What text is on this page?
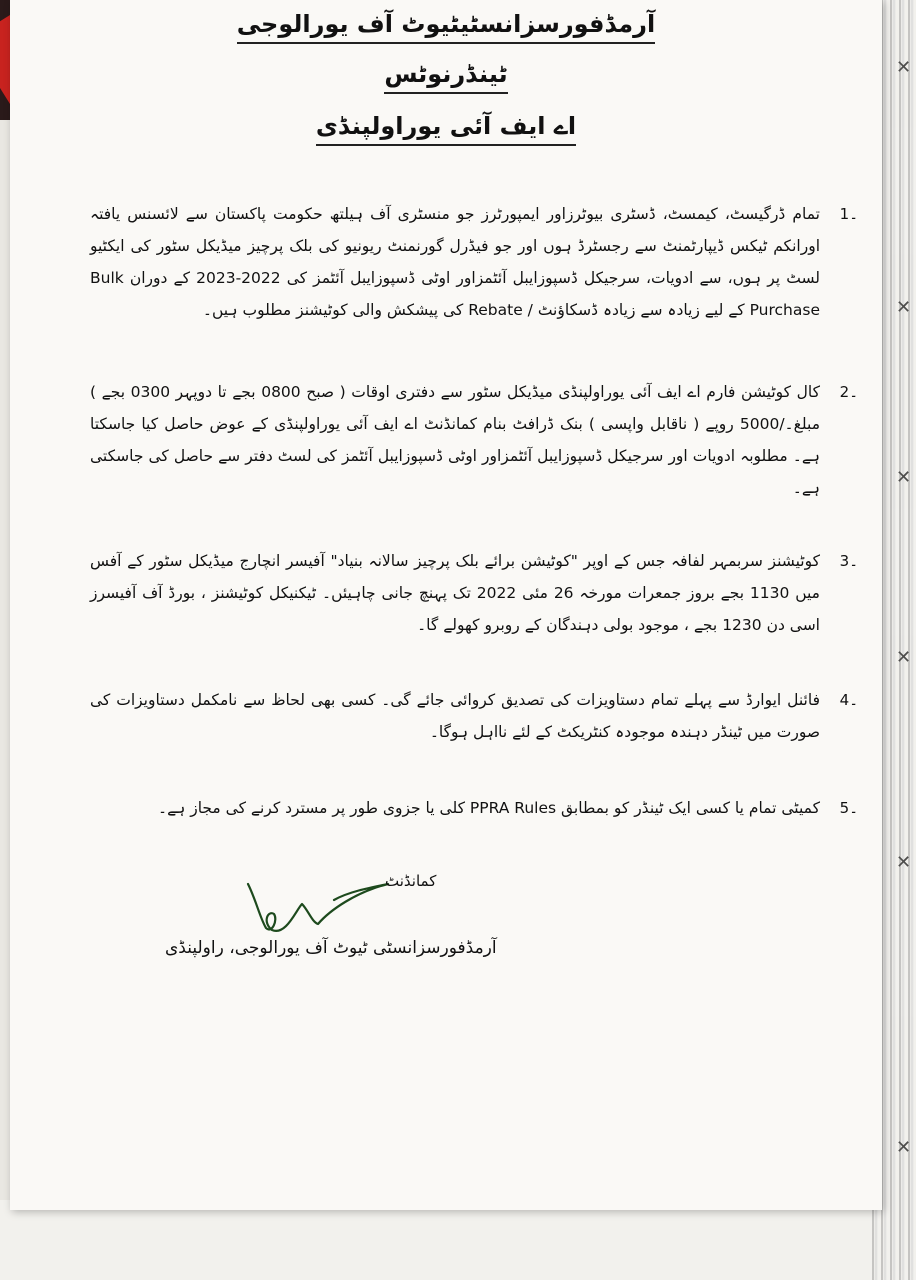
✕
✕
✕
✕
✕
✕
آرمڈفورسزانسٹیٹیوٹ آف یورالوجی
ٹینڈرنوٹس
اے ایف آئی یوراولپنڈی
1۔
تمام ڈرگیسٹ، کیمسٹ، ڈسٹری بیوٹرزاور ایمپورٹرز جو منسٹری آف ہیلتھ حکومت پاکستان سے لائسنس یافتہ اورانکم ٹیکس ڈیپارٹمنٹ سے رجسٹرڈ ہوں اور جو فیڈرل گورنمنٹ ریونیو کی بلک پرچیز میڈیکل سٹور کی ایکٹیو لسٹ پر ہوں، سے ادویات، سرجیکل ڈسپوزایبل آئٹمزاور اوٹی ڈسپوزایبل آئٹمز کی 2022-2023 کے دوران Bulk Purchase کے لیے زیادہ سے زیادہ ڈسکاؤنٹ / Rebate کی پیشکش والی کوٹیشنز مطلوب ہیں۔
2۔
کال کوٹیشن فارم اے ایف آئی یوراولپنڈی میڈیکل سٹور سے دفتری اوقات ( صبح 0800 بجے تا دوپہر 0300 بجے ) مبلغ۔/5000 روپے ( ناقابل واپسی ) بنک ڈرافٹ بنام کمانڈنٹ اے ایف آئی یوراولپنڈی کے عوض حاصل کیا جاسکتا ہے۔ مطلوبہ ادویات اور سرجیکل ڈسپوزایبل آئٹمزاور اوٹی ڈسپوزایبل آئٹمز کی لسٹ دفتر سے حاصل کی جاسکتی ہے۔
3۔
کوٹیشنز سربمہر لفافہ جس کے اوپر "کوٹیشن برائے بلک پرچیز سالانہ بنیاد" آفیسر انچارج میڈیکل سٹور کے آفس میں 1130 بجے بروز جمعرات مورخہ 26 مئی 2022 تک پہنچ جانی چاہیئں۔ ٹیکنیکل کوٹیشنز ، بورڈ آف آفیسرز اسی دن 1230 بجے ، موجود بولی دہندگان کے روبرو کھولے گا۔
4۔
فائنل ایوارڈ سے پہلے تمام دستاویزات کی تصدیق کروائی جائے گی۔ کسی بھی لحاظ سے نامکمل دستاویزات کی صورت میں ٹینڈر دہندہ موجودہ کنٹریکٹ کے لئے نااہل ہوگا۔
5۔
کمیٹی تمام یا کسی ایک ٹینڈر کو بمطابق PPRA Rules کلی یا جزوی طور پر مسترد کرنے کی مجاز ہے۔
کمانڈنٹ
آرمڈفورسزانسٹی ٹیوٹ آف یورالوجی، راولپنڈی
